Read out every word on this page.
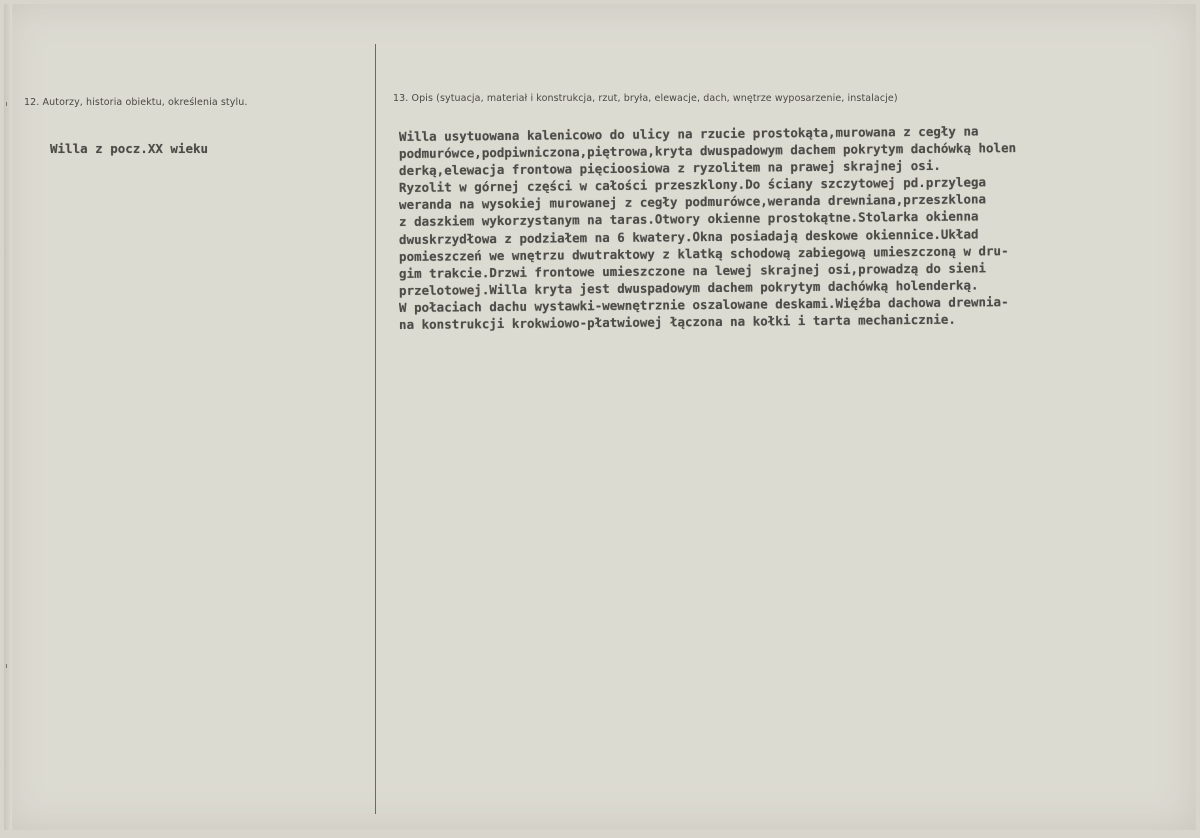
12. Autorzy, historia obiektu, określenia stylu.
Willa z pocz.XX wieku
13. Opis (sytuacja, materiał i konstrukcja, rzut, bryła, elewacje, dach, wnętrze wyposarzenie, instalacje)
Willa usytuowana kalenicowo do ulicy na rzucie prostokąta,murowana z cegły na
podmurówce,podpiwniczona,piętrowa,kryta dwuspadowym dachem pokrytym dachówką holen
derką,elewacja frontowa pięcioosiowa z ryzolitem na prawej skrajnej osi.
Ryzolit w górnej części w całości przeszklony.Do ściany szczytowej pd.przylega
weranda na wysokiej murowanej z cegły podmurówce,weranda drewniana,przeszklona
z daszkiem wykorzystanym na taras.Otwory okienne prostokątne.Stolarka okienna
dwuskrzydłowa z podziałem na 6 kwatery.Okna posiadają deskowe okiennice.Układ
pomieszczeń we wnętrzu dwutraktowy z klatką schodową zabiegową umieszczoną w dru-
gim trakcie.Drzwi frontowe umieszczone na lewej skrajnej osi,prowadzą do sieni
przelotowej.Willa kryta jest dwuspadowym dachem pokrytym dachówką holenderką.
W połaciach dachu wystawki-wewnętrznie oszalowane deskami.Więźba dachowa drewnia-
na konstrukcji krokwiowo-płatwiowej łączona na kołki i tarta mechanicznie.
